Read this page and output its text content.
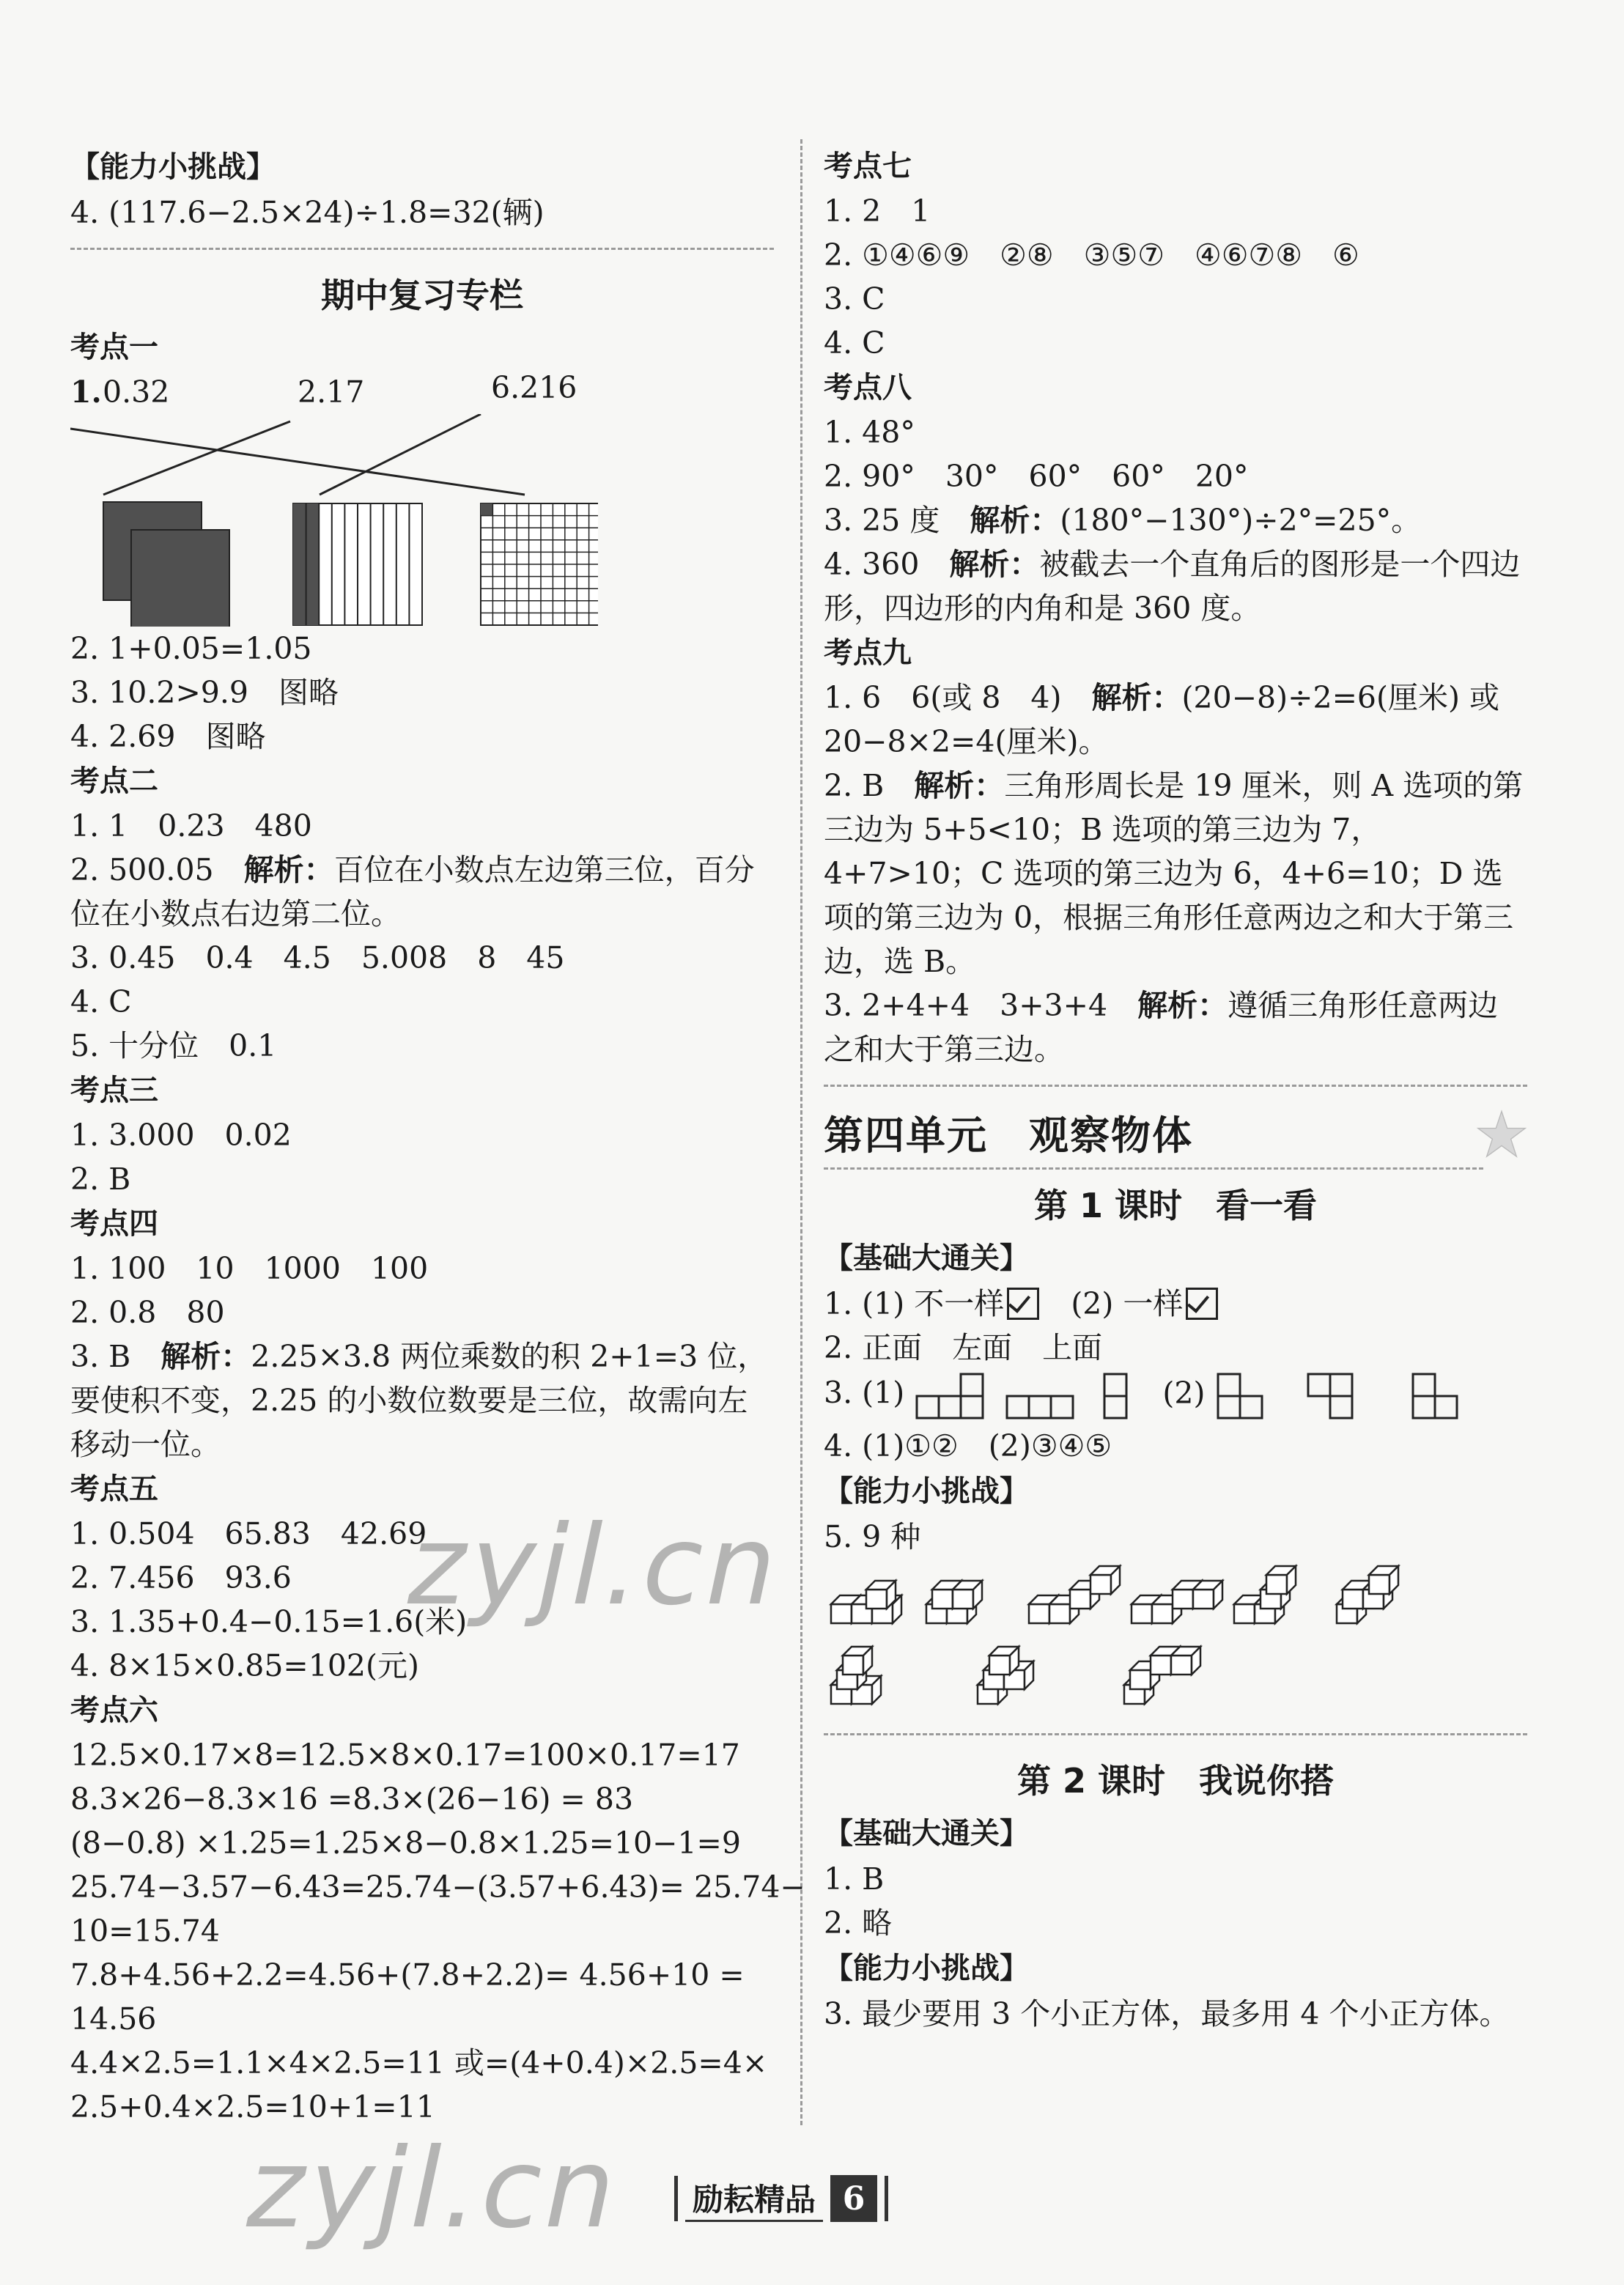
【能力小挑战】
4. (117.6−2.5×24)÷1.8=32(辆)
期中复习专栏
考点一
1. 0.32	2.17	6.216
2. 1+0.05=1.05
3. 10.2>9.9　图略
4. 2.69　图略
考点二
1. 1　0.23　480
2. 500.05　解析：百位在小数点左边第三位，百分位在小数点右边第二位。
3. 0.45　0.4　4.5　5.008　8　45
4. C
5. 十分位　0.1
考点三
1. 3.000　0.02
2. B
考点四
1. 100　10　1000　100
2. 0.8　80
3. B　解析：2.25×3.8 两位乘数的积 2+1=3 位，要使积不变，2.25 的小数位数要是三位，故需向左移动一位。
考点五
1. 0.504　65.83　42.69
2. 7.456　93.6
3. 1.35+0.4−0.15=1.6(米)
4. 8×15×0.85=102(元)
考点六
12.5×0.17×8=12.5×8×0.17=100×0.17=17
8.3×26−8.3×16 =8.3×(26−16) = 83
(8−0.8) ×1.25=1.25×8−0.8×1.25=10−1=9
25.74−3.57−6.43=25.74−(3.57+6.43)= 25.74−
10=15.74
7.8+4.56+2.2=4.56+(7.8+2.2)= 4.56+10 =
14.56
4.4×2.5=1.1×4×2.5=11 或=(4+0.4)×2.5=4×
2.5+0.4×2.5=10+1=11
考点七
1. 2　1
2. ①④⑥⑨　②⑧　③⑤⑦　④⑥⑦⑧　⑥
3. C
4. C
考点八
1. 48°
2. 90°　30°　60°　60°　20°
3. 25 度　解析：(180°−130°)÷2°=25°。
4. 360　解析：被截去一个直角后的图形是一个四边形，四边形的内角和是 360 度。
考点九
1. 6　6(或 8　4)　解析：(20−8)÷2=6(厘米) 或 20−8×2=4(厘米)。
2. B　解析：三角形周长是 19 厘米，则 A 选项的第三边为 5+5<10；B 选项的第三边为 7，4+7>10；C 选项的第三边为 6，4+6=10；D 选项的第三边为 0，根据三角形任意两边之和大于第三边，选 B。
3. 2+4+4　3+3+4　解析：遵循三角形任意两边之和大于第三边。
第四单元　观察物体
第 1 课时　看一看
【基础大通关】
1. (1) 不一样 (2) 一样
2. 正面　左面　上面
3. (1)	(2)
4. (1)①②　(2)③④⑤
【能力小挑战】
5. 9 种
第 2 课时　我说你搭
【基础大通关】
1. B
2. 略
【能力小挑战】
3. 最少要用 3 个小正方体，最多用 4 个小正方体。
zyjl.cn
zyjl.cn 励耘精品 6
